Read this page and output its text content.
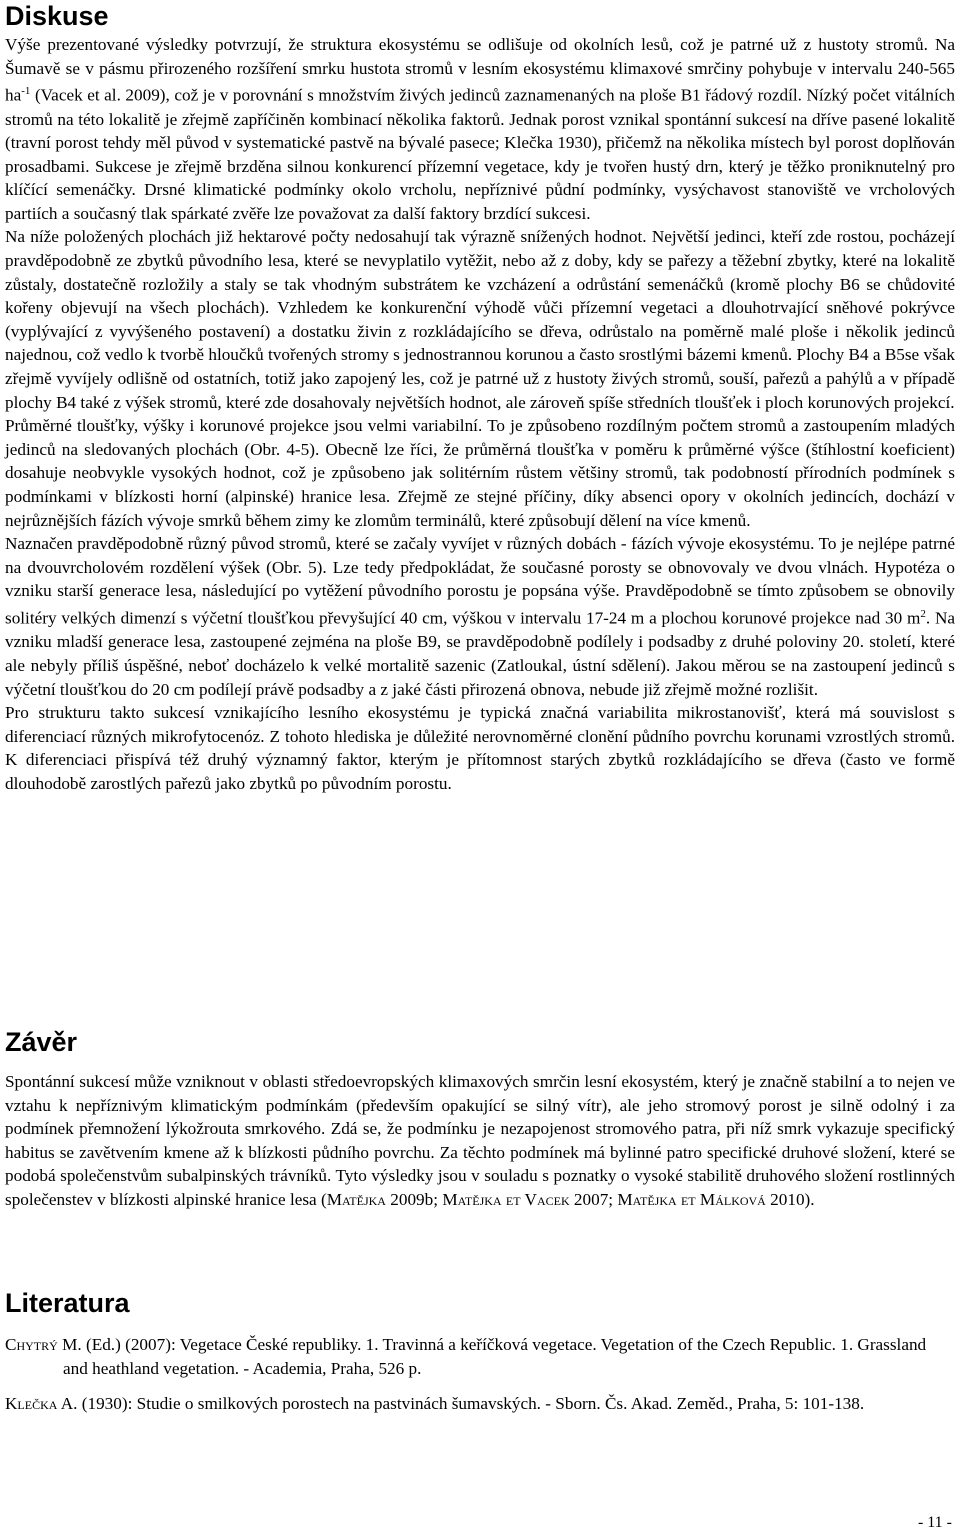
Diskuse

Výše prezentované výsledky potvrzují, že struktura ekosystému se odlišuje od okolních lesů, což je patrné už z hustoty stromů. Na Šumavě se v pásmu přirozeného rozšíření smrku hustota stromů v lesním ekosystému klimaxové smrčiny pohybuje v intervalu 240-565 $ha^{-1}$ (Vacek et al. 2009), což je v porovnání s množstvím živých jedinců zaznamenaných na ploše B1 řádový rozdíl. Nízký počet vitálních stromů na této lokalitě je zřejmě zapříčiněn kombinací několika faktorů. Jednak porost vznikal spontánní sukcesí na dříve pasené lokalitě (travní porost tehdy měl původ v systematické pastvě na bývalé pasece; Klečka 1930), přičemž na několika místech byl porost doplňován prosadbami. Sukcese je zřejmě brzděna silnou konkurencí přízemní vegetace, kdy je tvořen hustý drn, který je těžko proniknutelný pro klíčící semenáčky. Drsné klimatické podmínky okolo vrcholu, nepříznivé půdní podmínky, vysýchavost stanoviště ve vrcholových partiích a současný tlak spárkaté zvěře lze považovat za další faktory brzdící sukcesi.

Na níže položených plochách již hektarové počty nedosahují tak výrazně snížených hodnot. Největší jedinci, kteří zde rostou, pocházejí pravděpodobně ze zbytků původního lesa, které se nevyplatilo vytěžit, nebo až z doby, kdy se pařezy a těžební zbytky, které na lokalitě zůstaly, dostatečně rozložily a staly se tak vhodným substrátem ke vzcházení a odrůstání semenáčků (kromě plochy B6 se chůdovité kořeny objevují na všech plochách). Vzhledem ke konkurenční výhodě vůči přízemní vegetaci a dlouhotrvající sněhové pokrývce (vyplývající z vyvýšeného postavení) a dostatku živin z rozkládajícího se dřeva, odrůstalo na poměrně malé ploše i několik jedinců najednou, což vedlo k tvorbě hloučků tvořených stromy s jednostrannou korunou a často srostlými bázemi kmenů. Plochy B4 a B5se však zřejmě vyvíjely odlišně od ostatních, totiž jako zapojený les, což je patrné už z hustoty živých stromů, souší, pařezů a pahýlů a v případě plochy B4 také z výšek stromů, které zde dosahovaly největších hodnot, ale zároveň spíše středních tloušťek i ploch korunových projekcí.

Průměrné tloušťky, výšky i korunové projekce jsou velmi variabilní. To je způsobeno rozdílným počtem stromů a zastoupením mladých jedinců na sledovaných plochách (Obr. 4-5). Obecně lze říci, že průměrná tloušťka v poměru k průměrné výšce (štíhlostní koeficient) dosahuje neobvykle vysokých hodnot, což je způsobeno jak solitérním růstem většiny stromů, tak podobností přírodních podmínek s podmínkami v blízkosti horní (alpinské) hranice lesa. Zřejmě ze stejné příčiny, díky absenci opory v okolních jedincích, dochází v nejrůznějších fázích vývoje smrků během zimy ke zlomům terminálů, které způsobují dělení na více kmenů.

Naznačen pravděpodobně různý původ stromů, které se začaly vyvíjet v různých dobách - fázích vývoje ekosystému. To je nejlépe patrné na dvouvrcholovém rozdělení výšek (Obr. 5). Lze tedy předpokládat, že současné porosty se obnovovaly ve dvou vlnách. Hypotéza o vzniku starší generace lesa, následující po vytěžení původního porostu je popsána výše. Pravděpodobně se tímto způsobem se obnovily solitéry velkých dimenzí s výčetní tloušťkou převyšující 40 cm, výškou v intervalu 17-24 m a plochou korunové projekce nad 30 $m^2$. Na vzniku mladší generace lesa, zastoupené zejména na ploše B9, se pravděpodobně podílely i podsadby z druhé poloviny 20. století, které ale nebyly příliš úspěšné, neboť docházelo k velké mortalitě sazenic (Zatloukal, ústní sdělení). Jakou měrou se na zastoupení jedinců s výčetní tloušťkou do 20 cm podílejí právě podsadby a z jaké části přirozená obnova, nebude již zřejmě možné rozlišit.

Pro strukturu takto sukcesí vznikajícího lesního ekosystému je typická značná variabilita mikrostanovišť, která má souvislost s diferenciací různých mikrofytocenóz. Z tohoto hlediska je důležité nerovnoměrné clonění půdního povrchu korunami vzrostlých stromů. K diferenciaci přispívá též druhý významný faktor, kterým je přítomnost starých zbytků rozkládajícího se dřeva (často ve formě dlouhodobě zarostlých pařezů jako zbytků po původním porostu.

Závěr

Spontánní sukcesí může vzniknout v oblasti středoevropských klimaxových smrčin lesní ekosystém, který je značně stabilní a to nejen ve vztahu k nepříznivým klimatickým podmínkám (především opakující se silný vítr), ale jeho stromový porost je silně odolný i za podmínek přemnožení lýkožrouta smrkového. Zdá se, že podmínku je nezapojenost stromového patra, při níž smrk vykazuje specifický habitus se zavětvením kmene až k blízkosti půdního povrchu. Za těchto podmínek má bylinné patro specifické druhové složení, které se podobá společenstvům subalpinských trávníků. Tyto výsledky jsou v souladu s poznatky o vysoké stabilitě druhového složení rostlinných společenstev v blízkosti alpinské hranice lesa (Matějka 2009b; Matějka et Vacek 2007; Matějka et Málková 2010).

Literatura

Chytrý M. (Ed.) (2007): Vegetace České republiky. 1. Travinná a keříčková vegetace. Vegetation of the Czech Republic. 1. Grassland and heathland vegetation. - Academia, Praha, 526 p.

Klečka A. (1930): Studie o smilkových porostech na pastvinách šumavských. - Sborn. Čs. Akad. Zeměd., Praha, 5: 101-138.

- 11 -
